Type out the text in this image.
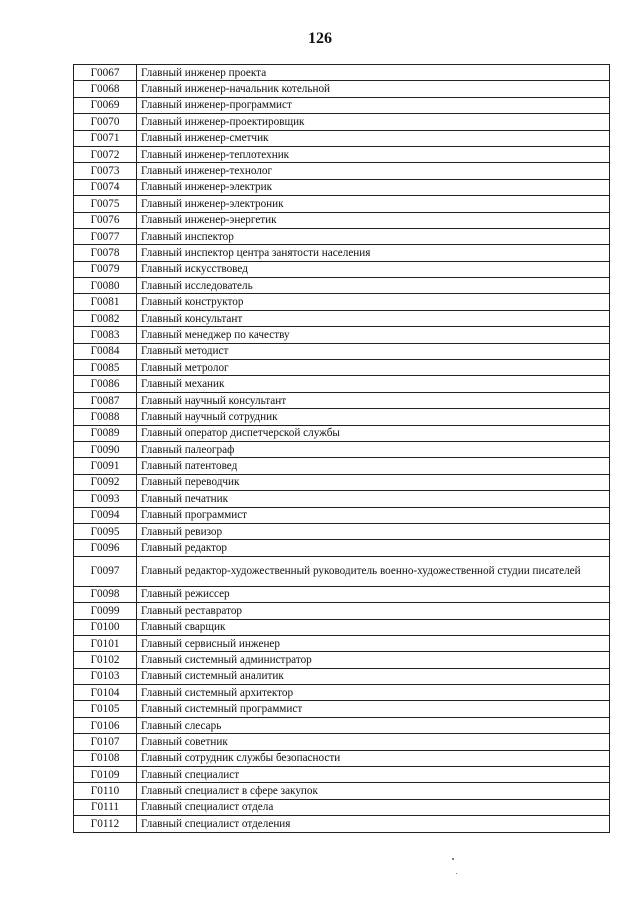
126
Г0067	Главный инженер проекта
Г0068	Главный инженер-начальник котельной
Г0069	Главный инженер-программист
Г0070	Главный инженер-проектировщик
Г0071	Главный инженер-сметчик
Г0072	Главный инженер-теплотехник
Г0073	Главный инженер-технолог
Г0074	Главный инженер-электрик
Г0075	Главный инженер-электроник
Г0076	Главный инженер-энергетик
Г0077	Главный инспектор
Г0078	Главный инспектор центра занятости населения
Г0079	Главный искусствовед
Г0080	Главный исследователь
Г0081	Главный конструктор
Г0082	Главный консультант
Г0083	Главный менеджер по качеству
Г0084	Главный методист
Г0085	Главный метролог
Г0086	Главный механик
Г0087	Главный научный консультант
Г0088	Главный научный сотрудник
Г0089	Главный оператор диспетчерской службы
Г0090	Главный палеограф
Г0091	Главный патентовед
Г0092	Главный переводчик
Г0093	Главный печатник
Г0094	Главный программист
Г0095	Главный ревизор
Г0096	Главный редактор
Г0097	Главный редактор-художественный руководитель военно-художественной студии писателей
Г0098	Главный режиссер
Г0099	Главный реставратор
Г0100	Главный сварщик
Г0101	Главный сервисный инженер
Г0102	Главный системный администратор
Г0103	Главный системный аналитик
Г0104	Главный системный архитектор
Г0105	Главный системный программист
Г0106	Главный слесарь
Г0107	Главный советник
Г0108	Главный сотрудник службы безопасности
Г0109	Главный специалист
Г0110	Главный специалист в сфере закупок
Г0111	Главный специалист отдела
Г0112	Главный специалист отделения
